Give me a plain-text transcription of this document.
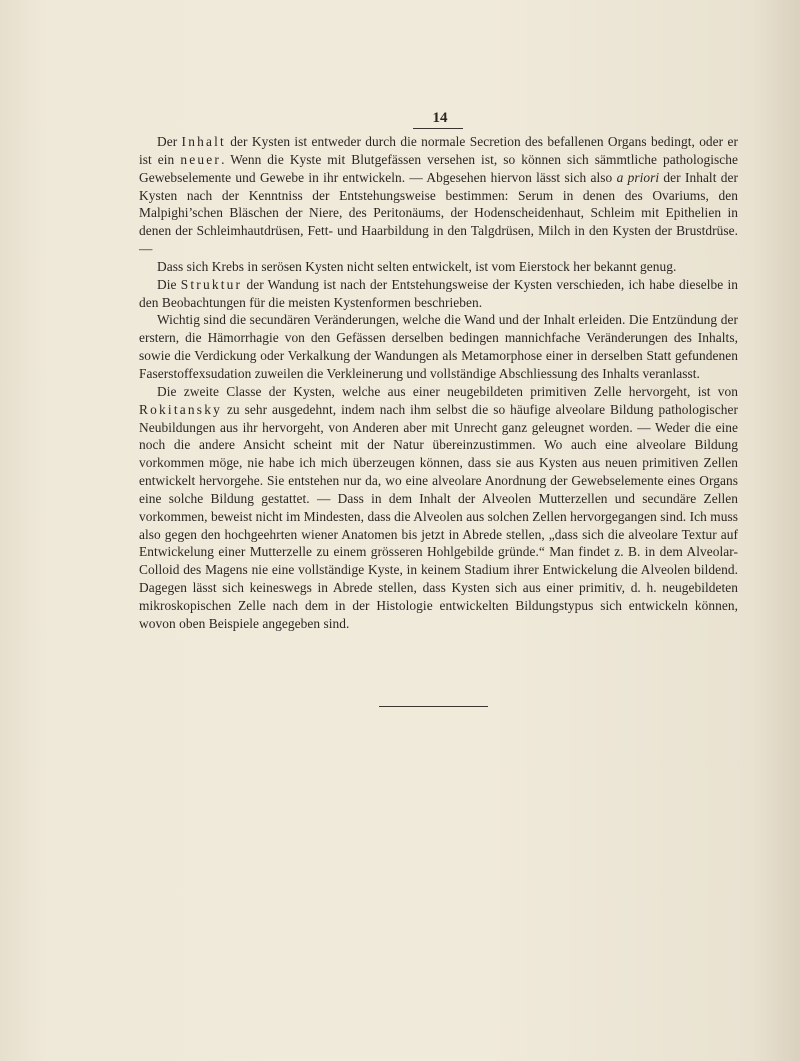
14

Der Inhalt der Kysten ist entweder durch die normale Secretion des befallenen Organs bedingt, oder er ist ein neuer. Wenn die Kyste mit Blutgefässen versehen ist, so können sich sämmtliche pathologische Gewebselemente und Gewebe in ihr entwickeln. — Abgesehen hiervon lässt sich also a priori der Inhalt der Kysten nach der Kenntniss der Entstehungsweise bestimmen: Serum in denen des Ovariums, den Malpighi’schen Bläschen der Niere, des Peritonäums, der Hodenscheidenhaut, Schleim mit Epithelien in denen der Schleimhautdrüsen, Fett- und Haarbildung in den Talgdrüsen, Milch in den Kysten der Brustdrüse. —

Dass sich Krebs in serösen Kysten nicht selten entwickelt, ist vom Eierstock her bekannt genug.

Die Struktur der Wandung ist nach der Entstehungsweise der Kysten verschieden, ich habe dieselbe in den Beobachtungen für die meisten Kystenformen beschrieben.

Wichtig sind die secundären Veränderungen, welche die Wand und der Inhalt erleiden. Die Entzündung der erstern, die Hämorrhagie von den Gefässen derselben bedingen mannichfache Veränderungen des Inhalts, sowie die Verdickung oder Verkalkung der Wandungen als Metamorphose einer in derselben Statt gefundenen Faserstoffexsudation zuweilen die Verkleinerung und vollständige Abschliessung des Inhalts veranlasst.

Die zweite Classe der Kysten, welche aus einer neugebildeten primitiven Zelle hervorgeht, ist von Rokitansky zu sehr ausgedehnt, indem nach ihm selbst die so häufige alveolare Bildung pathologischer Neubildungen aus ihr hervorgeht, von Anderen aber mit Unrecht ganz geleugnet worden. — Weder die eine noch die andere Ansicht scheint mit der Natur übereinzustimmen. Wo auch eine alveolare Bildung vorkommen möge, nie habe ich mich überzeugen können, dass sie aus Kysten aus neuen primitiven Zellen entwickelt hervorgehe. Sie entstehen nur da, wo eine alveolare Anordnung der Gewebselemente eines Organs eine solche Bildung gestattet. — Dass in dem Inhalt der Alveolen Mutterzellen und secundäre Zellen vorkommen, beweist nicht im Mindesten, dass die Alveolen aus solchen Zellen hervorgegangen sind. Ich muss also gegen den hochgeehrten wiener Anatomen bis jetzt in Abrede stellen, „dass sich die alveolare Textur auf Entwickelung einer Mutterzelle zu einem grösseren Hohlgebilde gründe.“ Man findet z. B. in dem Alveolar-Colloid des Magens nie eine vollständige Kyste, in keinem Stadium ihrer Entwickelung die Alveolen bildend. Dagegen lässt sich keineswegs in Abrede stellen, dass Kysten sich aus einer primitiv, d. h. neugebildeten mikroskopischen Zelle nach dem in der Histologie entwickelten Bildungstypus sich entwickeln können, wovon oben Beispiele angegeben sind.
